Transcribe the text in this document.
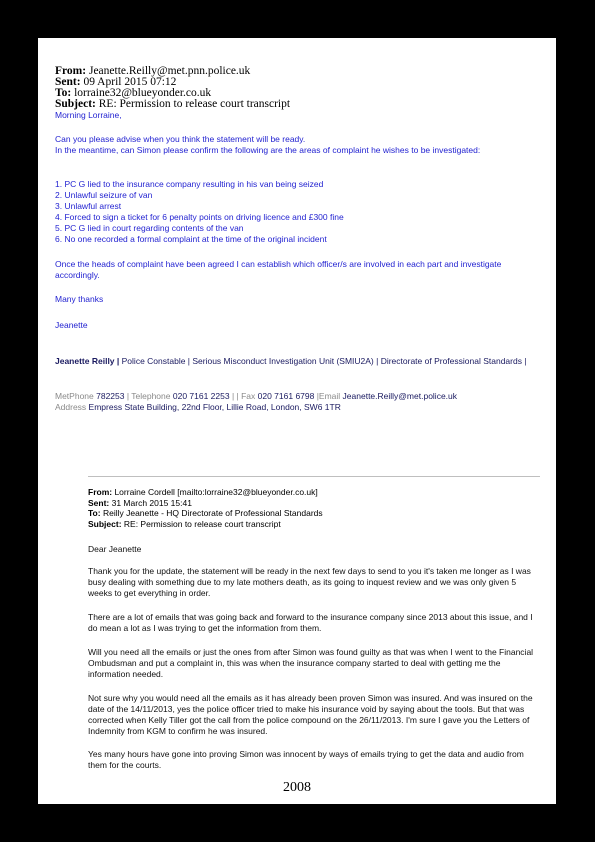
From: Jeanette.Reilly@met.pnn.police.uk
Sent: 09 April 2015 07:12
To: lorraine32@blueyonder.co.uk
Subject: RE: Permission to release court transcript
Morning Lorraine,
Can you please advise when you think the statement will be ready.
In the meantime, can Simon please confirm the following are the areas of complaint he wishes to be investigated:
1. PC G lied to the insurance company resulting in his van being seized
2. Unlawful seizure of van
3. Unlawful arrest
4. Forced to sign a ticket for 6 penalty points on driving licence and £300 fine
5. PC G lied in court regarding contents of the van
6. No one recorded a formal complaint at the time of the original incident
Once the heads of complaint have been agreed I can establish which officer/s are involved in each part and investigate accordingly.
Many thanks
Jeanette
Jeanette Reilly | Police Constable | Serious Misconduct Investigation Unit (SMIU2A) | Directorate of Professional Standards |
MetPhone 782253 | Telephone 020 7161 2253 | | Fax 020 7161 6798 |Email Jeanette.Reilly@met.police.uk
Address Empress State Building, 22nd Floor, Lillie Road, London, SW6 1TR
From: Lorraine Cordell [mailto:lorraine32@blueyonder.co.uk]
Sent: 31 March 2015 15:41
To: Reilly Jeanette - HQ Directorate of Professional Standards
Subject: RE: Permission to release court transcript

Dear Jeanette

Thank you for the update, the statement will be ready in the next few days to send to you it's taken me longer as I was busy dealing with something due to my late mothers death, as its going to inquest review and we was only given 5 weeks to get everything in order.

There are a lot of emails that was going back and forward to the insurance company since 2013 about this issue, and I do mean a lot as I was trying to get the information from them.

Will you need all the emails or just the ones from after Simon was found guilty as that was when I went to the Financial Ombudsman and put a complaint in, this was when the insurance company started to deal with getting me the information needed.

Not sure why you would need all the emails as it has already been proven Simon was insured. And was insured on the date of the 14/11/2013, yes the police officer tried to make his insurance void by saying about the tools. But that was corrected when Kelly Tiller got the call from the police compound on the 26/11/2013. I'm sure I gave you the Letters of Indemnity from KGM to confirm he was insured.

Yes many hours have gone into proving Simon was innocent by ways of emails trying to get the data and audio from them for the courts.

2008
